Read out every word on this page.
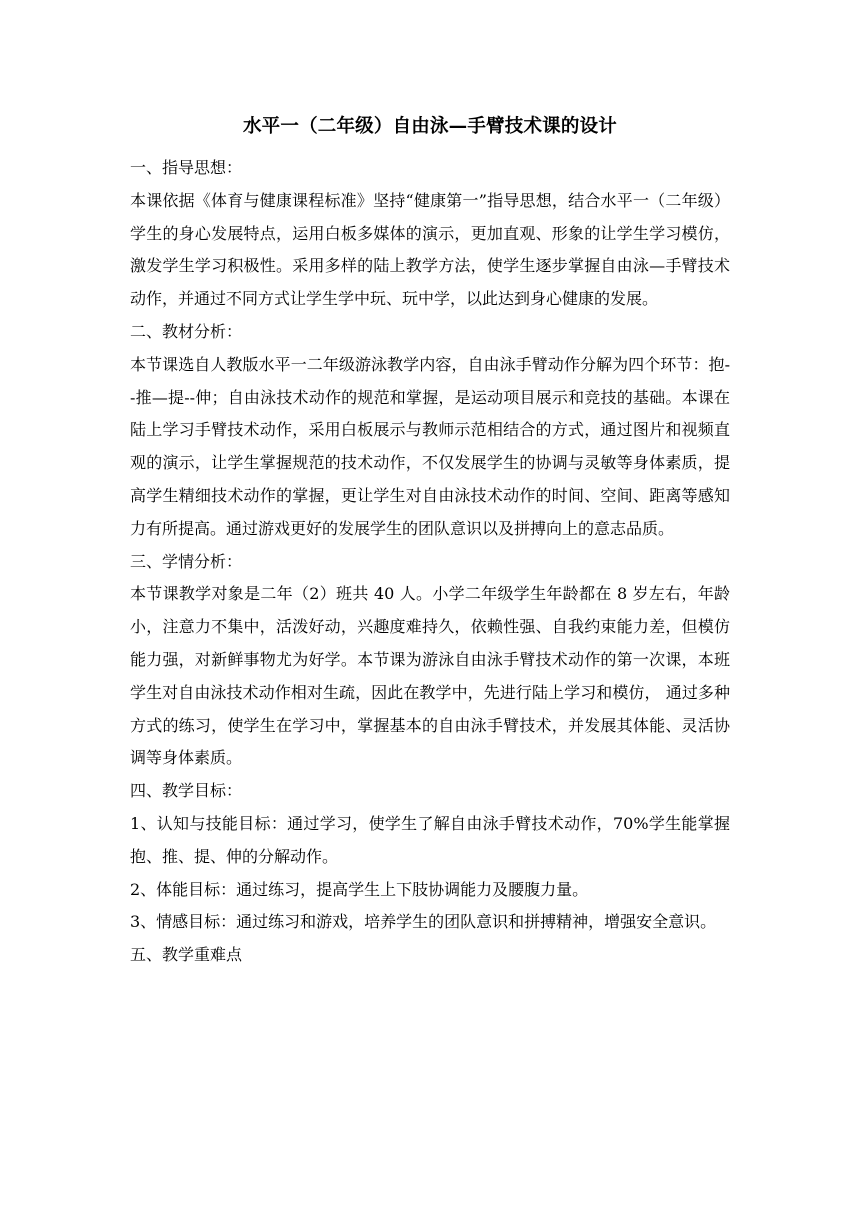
水平一（二年级）自由泳—手臂技术课的设计

一、指导思想：

本课依据《体育与健康课程标准》坚持“健康第一”指导思想，结合水平一（二年级）学生的身心发展特点，运用白板多媒体的演示，更加直观、形象的让学生学习模仿，激发学生学习积极性。采用多样的陆上教学方法，使学生逐步掌握自由泳—手臂技术动作，并通过不同方式让学生学中玩、玩中学，以此达到身心健康的发展。

二、教材分析：

本节课选自人教版水平一二年级游泳教学内容，自由泳手臂动作分解为四个环节：抱--推—提--伸；自由泳技术动作的规范和掌握，是运动项目展示和竞技的基础。本课在陆上学习手臂技术动作，采用白板展示与教师示范相结合的方式，通过图片和视频直观的演示，让学生掌握规范的技术动作，不仅发展学生的协调与灵敏等身体素质，提高学生精细技术动作的掌握，更让学生对自由泳技术动作的时间、空间、距离等感知力有所提高。通过游戏更好的发展学生的团队意识以及拼搏向上的意志品质。

三、学情分析：

本节课教学对象是二年（2）班共 40 人。小学二年级学生年龄都在 8 岁左右，年龄小，注意力不集中，活泼好动，兴趣度难持久，依赖性强、自我约束能力差，但模仿能力强，对新鲜事物尤为好学。本节课为游泳自由泳手臂技术动作的第一次课，本班学生对自由泳技术动作相对生疏，因此在教学中，先进行陆上学习和模仿， 通过多种方式的练习，使学生在学习中，掌握基本的自由泳手臂技术，并发展其体能、灵活协调等身体素质。

四、教学目标：

1、认知与技能目标：通过学习，使学生了解自由泳手臂技术动作，70%学生能掌握抱、推、提、伸的分解动作。

2、体能目标：通过练习，提高学生上下肢协调能力及腰腹力量。

3、情感目标：通过练习和游戏，培养学生的团队意识和拼搏精神，增强安全意识。

五、教学重难点
